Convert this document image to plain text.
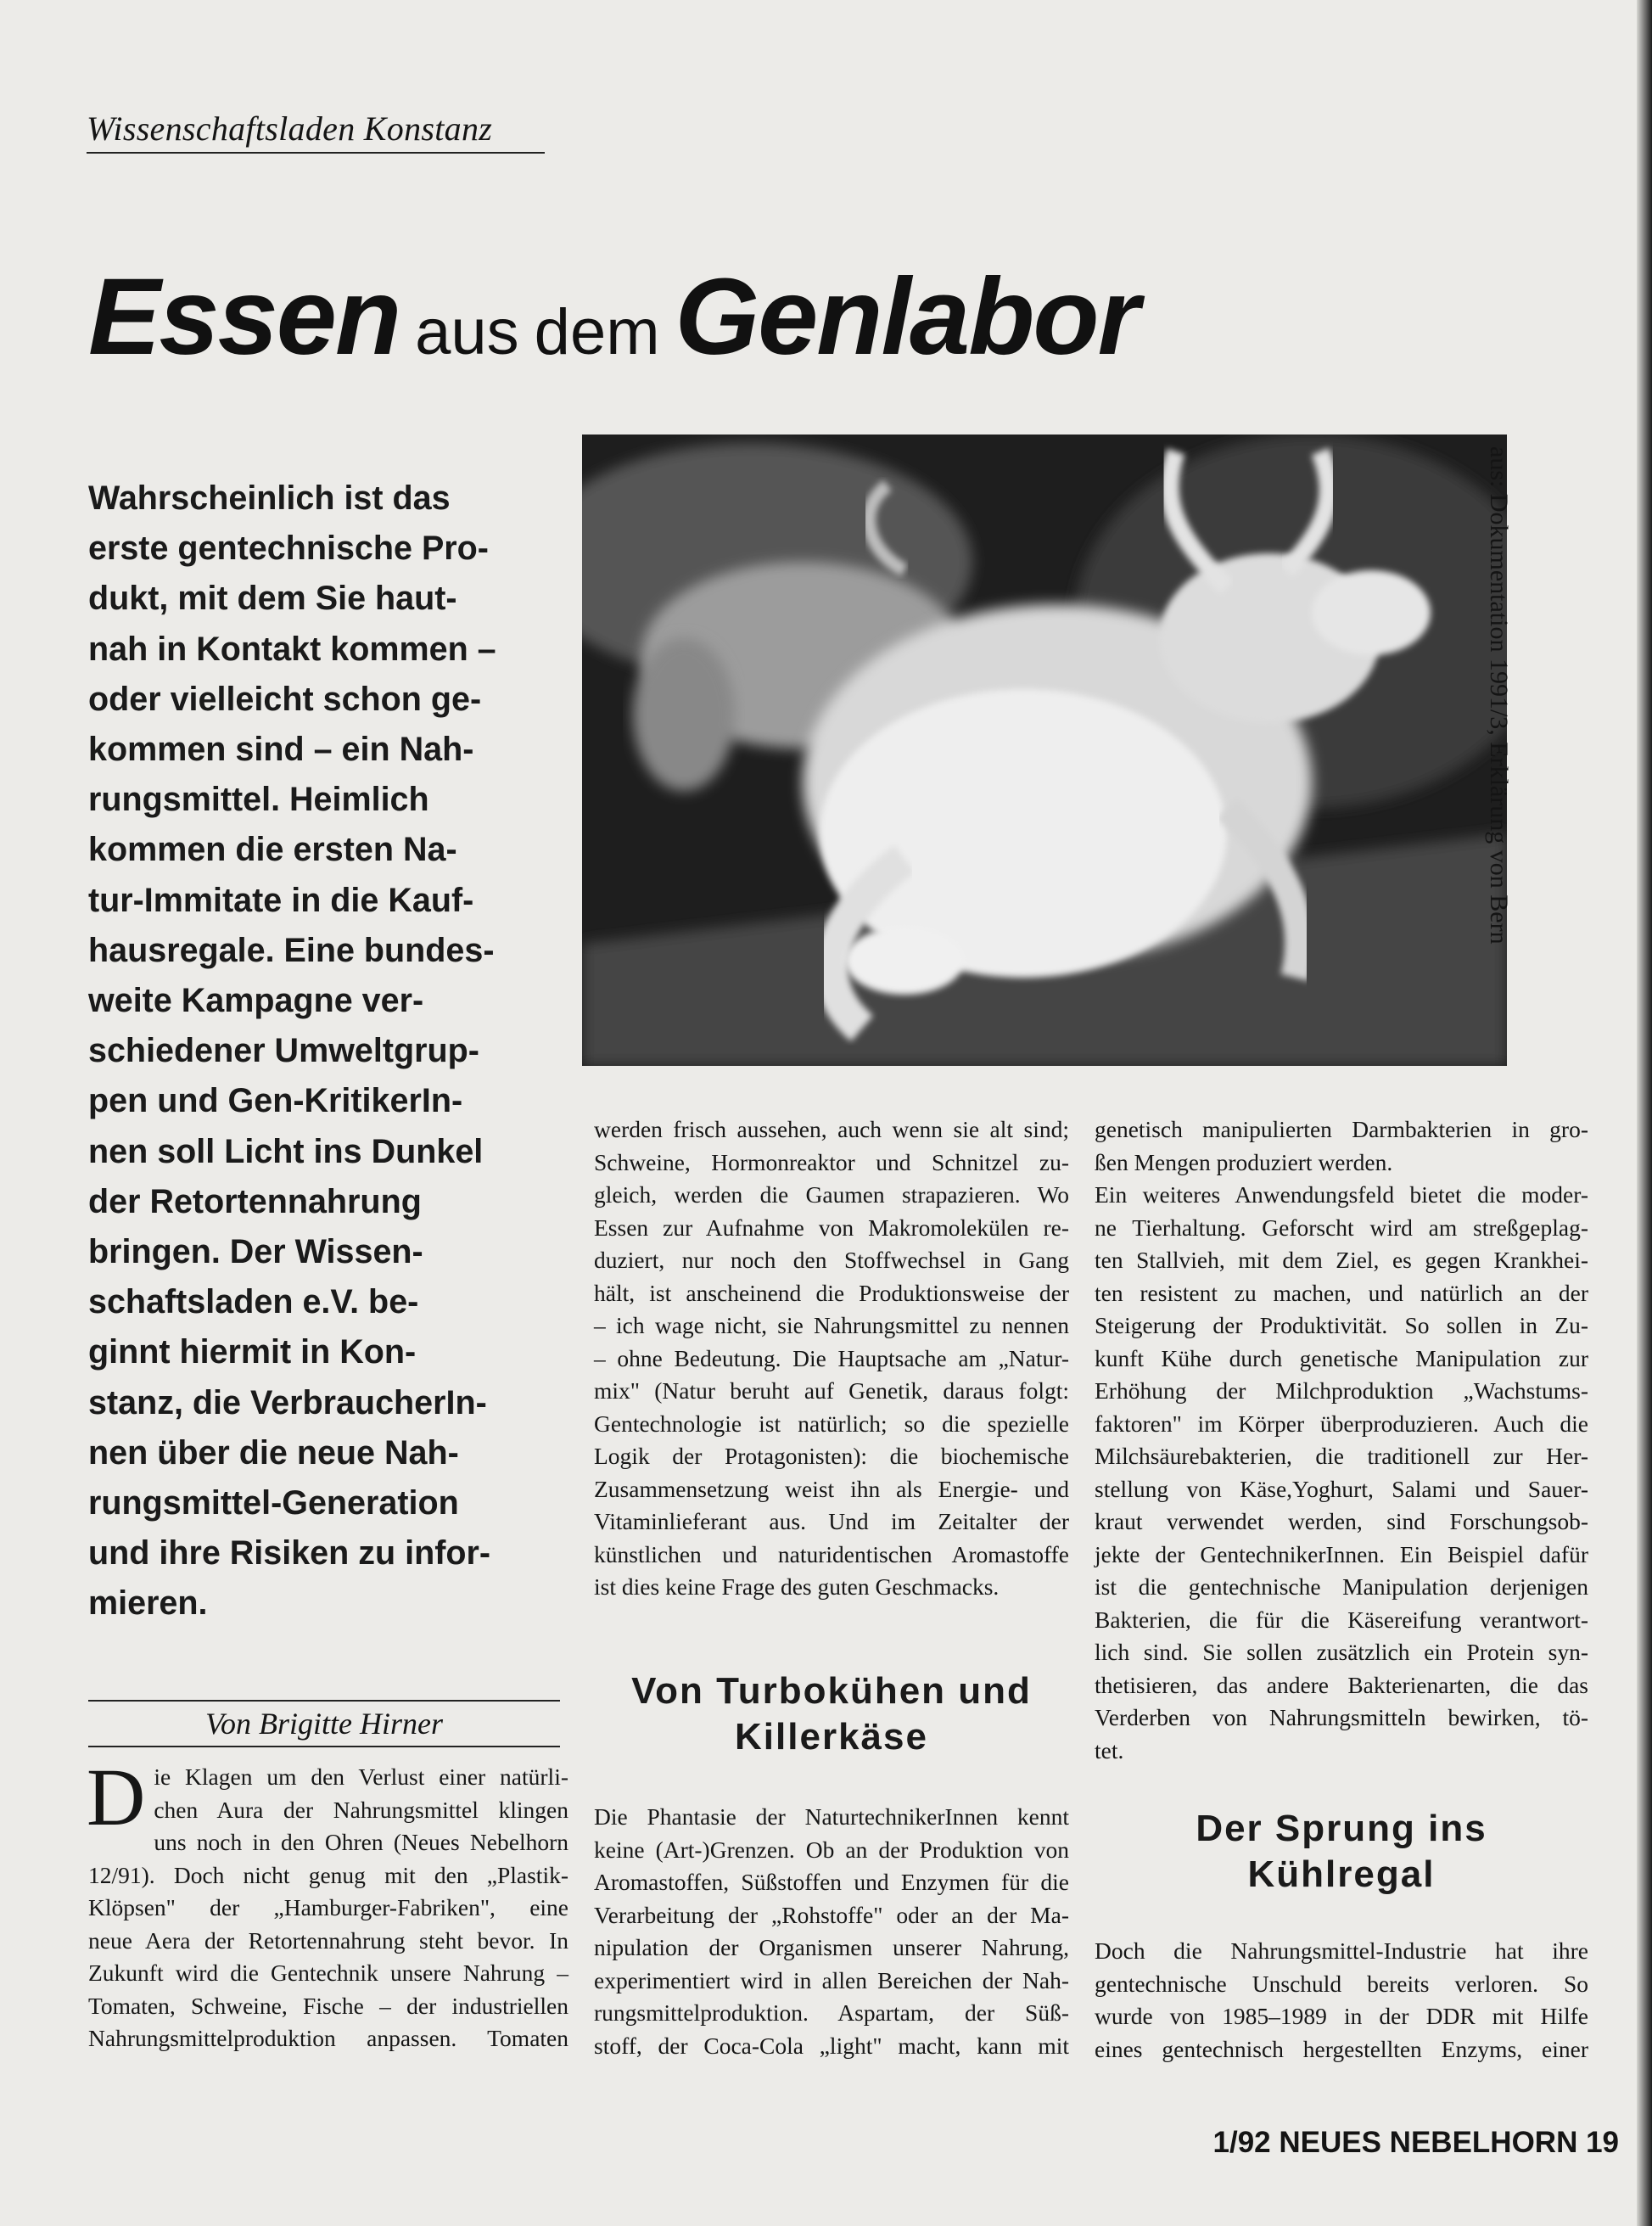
Wissenschaftsladen Konstanz
Essen aus dem Genlabor
Wahrscheinlich ist das
erste gentechnische Pro-
dukt, mit dem Sie haut-
nah in Kontakt kommen –
oder vielleicht schon ge-
kommen sind – ein Nah-
rungsmittel. Heimlich
kommen die ersten Na-
tur-Immitate in die Kauf-
hausregale. Eine bundes-
weite Kampagne ver-
schiedener Umweltgrup-
pen und Gen-KritikerIn-
nen soll Licht ins Dunkel
der Retortennahrung
bringen. Der Wissen-
schaftsladen e.V. be-
ginnt hiermit in Kon-
stanz, die VerbraucherIn-
nen über die neue Nah-
rungsmittel-Generation
und ihre Risiken zu infor-
mieren.
Von Brigitte Hirner
aus: Dokumentation 1991/3, Erklärung von Bern
D ie Klagen um den Verlust einer natürli-
chen Aura der Nahrungsmittel klingen
uns noch in den Ohren (Neues Nebelhorn
12/91). Doch nicht genug mit den „Plastik-
Klöpsen" der „Hamburger-Fabriken", eine
neue Aera der Retortennahrung steht bevor. In
Zukunft wird die Gentechnik unsere Nahrung –
Tomaten, Schweine, Fische – der industriellen
Nahrungsmittelproduktion anpassen. Tomaten
werden frisch aussehen, auch wenn sie alt sind;
Schweine, Hormonreaktor und Schnitzel zu-
gleich, werden die Gaumen strapazieren. Wo
Essen zur Aufnahme von Makromolekülen re-
duziert, nur noch den Stoffwechsel in Gang
hält, ist anscheinend die Produktionsweise der
– ich wage nicht, sie Nahrungsmittel zu nennen
– ohne Bedeutung. Die Hauptsache am „Natur-
mix" (Natur beruht auf Genetik, daraus folgt:
Gentechnologie ist natürlich; so die spezielle
Logik der Protagonisten): die biochemische
Zusammensetzung weist ihn als Energie- und
Vitaminlieferant aus. Und im Zeitalter der
künstlichen und naturidentischen Aromastoffe
ist dies keine Frage des guten Geschmacks.
Von Turbokühen und
Killerkäse
Die Phantasie der NaturtechnikerInnen kennt
keine (Art-)Grenzen. Ob an der Produktion von
Aromastoffen, Süßstoffen und Enzymen für die
Verarbeitung der „Rohstoffe" oder an der Ma-
nipulation der Organismen unserer Nahrung,
experimentiert wird in allen Bereichen der Nah-
rungsmittelproduktion. Aspartam, der Süß-
stoff, der Coca-Cola „light" macht, kann mit
genetisch manipulierten Darmbakterien in gro-
ßen Mengen produziert werden.
Ein weiteres Anwendungsfeld bietet die moder-
ne Tierhaltung. Geforscht wird am streßgeplag-
ten Stallvieh, mit dem Ziel, es gegen Krankhei-
ten resistent zu machen, und natürlich an der
Steigerung der Produktivität. So sollen in Zu-
kunft Kühe durch genetische Manipulation zur
Erhöhung der Milchproduktion „Wachstums-
faktoren" im Körper überproduzieren. Auch die
Milchsäurebakterien, die traditionell zur Her-
stellung von Käse,Yoghurt, Salami und Sauer-
kraut verwendet werden, sind Forschungsob-
jekte der GentechnikerInnen. Ein Beispiel dafür
ist die gentechnische Manipulation derjenigen
Bakterien, die für die Käsereifung verantwort-
lich sind. Sie sollen zusätzlich ein Protein syn-
thetisieren, das andere Bakterienarten, die das
Verderben von Nahrungsmitteln bewirken, tö-
tet.
Der Sprung ins
Kühlregal
Doch die Nahrungsmittel-Industrie hat ihre
gentechnische Unschuld bereits verloren. So
wurde von 1985–1989 in der DDR mit Hilfe
eines gentechnisch hergestellten Enzyms, einer
1/92 NEUES NEBELHORN 19
